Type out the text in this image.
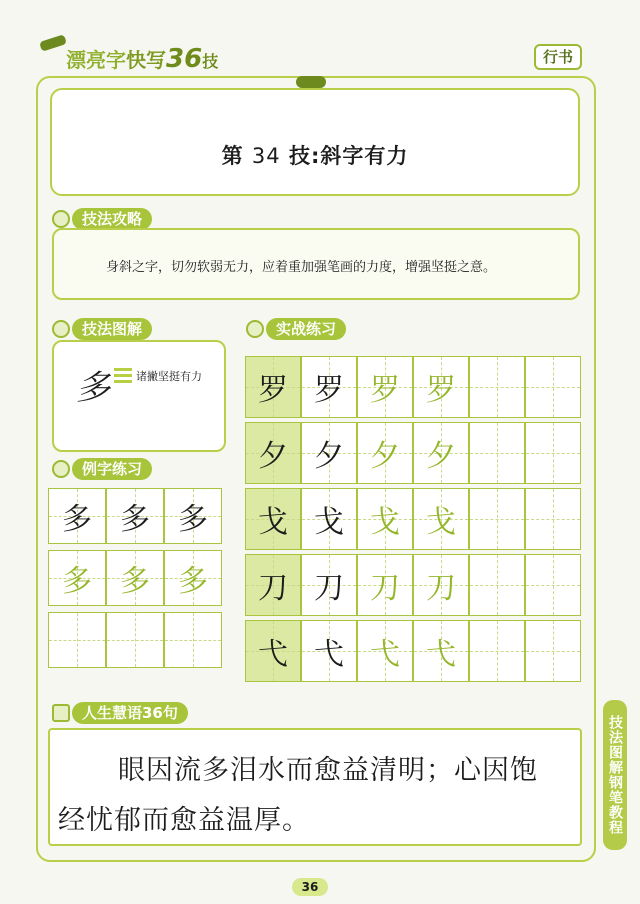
漂亮字快写36技	行书
第 34 技:斜字有力
技法攻略
身斜之字，切勿软弱无力，应着重加强笔画的力度，增强坚挺之意。
技法图解
多 诸撇坚挺有力
例字练习
多 多 多
多 多 多
实战练习
罗 罗 罗 罗
夕 夕 夕 夕
戈 戈 戈 戈
刀 刀 刀 刀
弋 弋 弋 弋
人生慧语36句
眼因流多泪水而愈益清明；心因饱
经忧郁而愈益温厚。	技法图解钢笔教程
36
